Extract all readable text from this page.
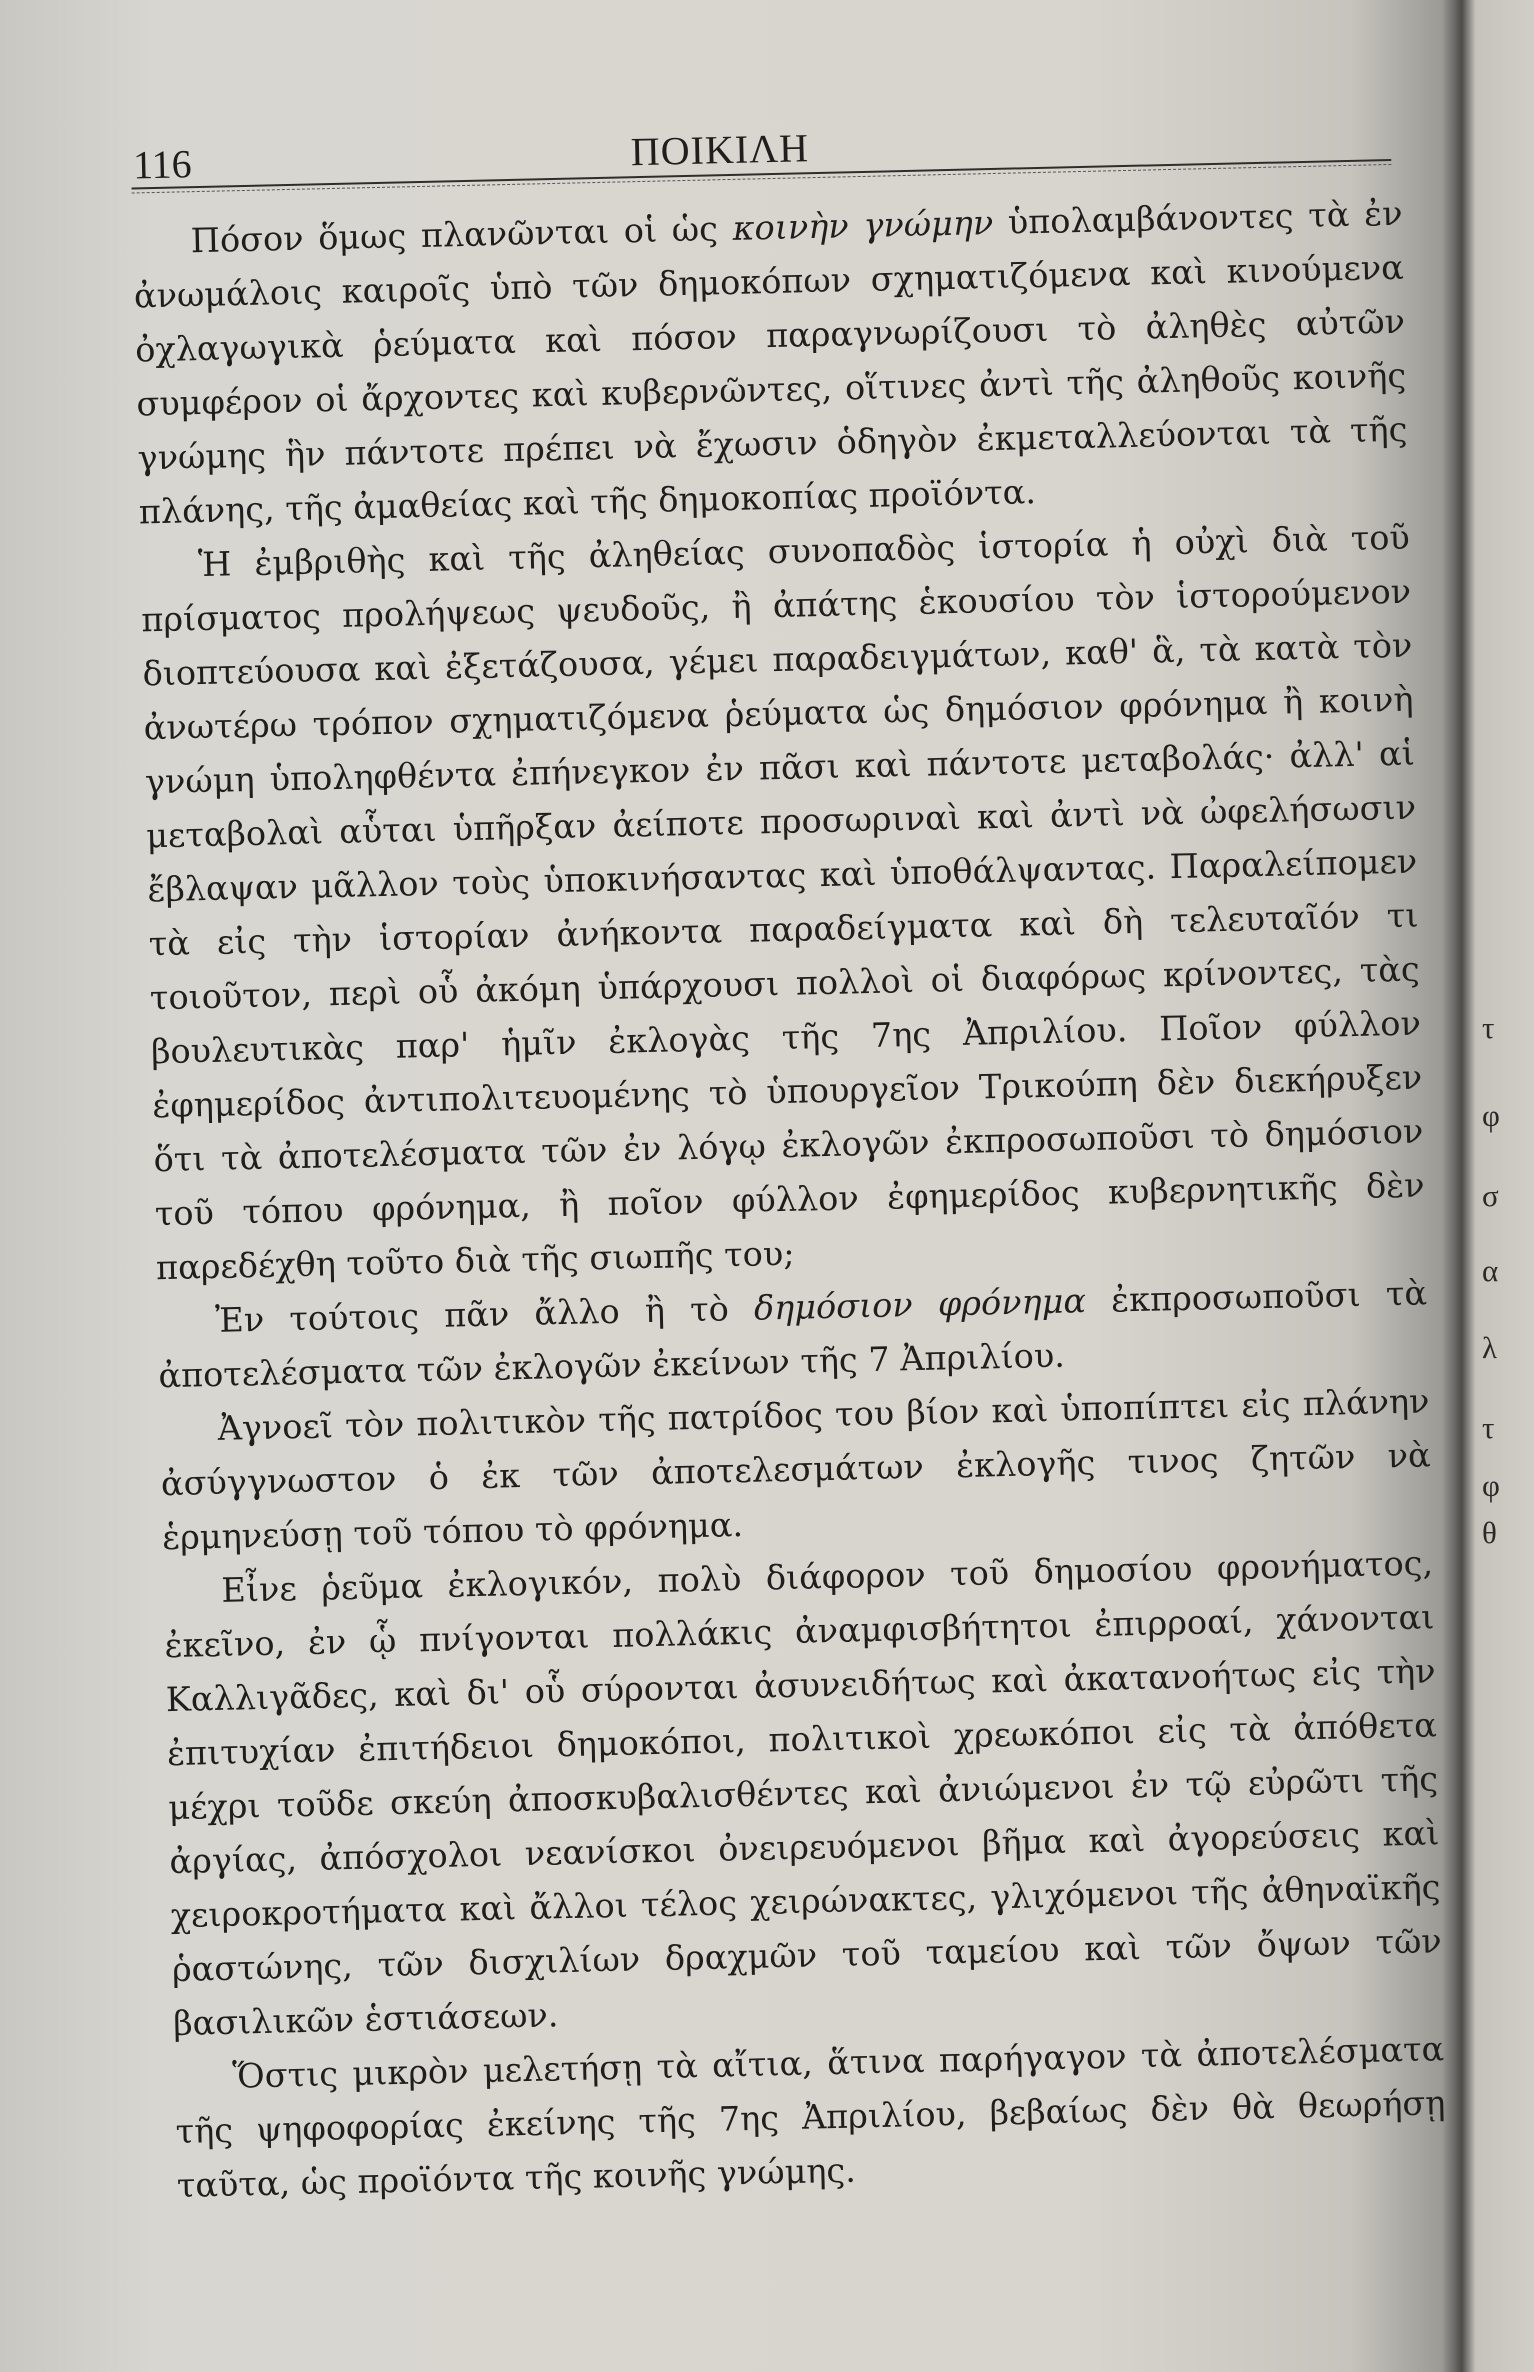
116	ΠΟΙΚΙΛΗ

Πόσον ὅμως πλανῶνται οἱ ὡς κοινὴν γνώμην ὑπολαμβάνοντες τὰ ἐν ἀνωμάλοις καιροῖς ὑπὸ τῶν δημοκόπων σχηματιζόμενα καὶ κινούμενα ὀχλαγωγικὰ ῥεύματα καὶ πόσον παραγνωρίζουσι τὸ ἀληθὲς αὐτῶν συμφέρον οἱ ἄρχοντες καὶ κυβερνῶντες, οἵτινες ἀντὶ τῆς ἀληθοῦς κοινῆς γνώμης ἣν πάντοτε πρέπει νὰ ἔχωσιν ὁδηγὸν ἐκμεταλλεύονται τὰ τῆς πλάνης, τῆς ἀμαθείας καὶ τῆς δημοκοπίας προϊόντα.

Ἡ ἐμβριθὴς καὶ τῆς ἀληθείας συνοπαδὸς ἱστορία ἡ οὐχὶ διὰ τοῦ πρίσματος προλήψεως ψευδοῦς, ἢ ἀπάτης ἑκουσίου τὸν ἱστορούμενον διοπτεύουσα καὶ ἐξετάζουσα, γέμει παραδειγμάτων, καθ' ἃ, τὰ κατὰ τὸν ἀνωτέρω τρόπον σχηματιζόμενα ῥεύματα ὡς δημόσιον φρόνημα ἢ κοινὴ γνώμη ὑποληφθέντα ἐπήνεγκον ἐν πᾶσι καὶ πάντοτε μεταβολάς· ἀλλ' αἱ μεταβολαὶ αὗται ὑπῆρξαν ἀείποτε προσωριναὶ καὶ ἀντὶ νὰ ὠφελήσωσιν ἔβλαψαν μᾶλλον τοὺς ὑποκινήσαντας καὶ ὑποθάλψαντας. Παραλείπομεν τὰ εἰς τὴν ἱστορίαν ἀνήκοντα παραδείγματα καὶ δὴ τελευταῖόν τι τοιοῦτον, περὶ οὗ ἀκόμη ὑπάρχουσι πολλοὶ οἱ διαφόρως κρίνοντες, τὰς βουλευτικὰς παρ' ἡμῖν ἐκλογὰς τῆς 7ης Ἀπριλίου. Ποῖον φύλλον ἐφημερίδος ἀντιπολιτευομένης τὸ ὑπουργεῖον Τρικούπη δὲν διεκήρυξεν ὅτι τὰ ἀποτελέσματα τῶν ἐν λόγῳ ἐκλογῶν ἐκπροσωποῦσι τὸ δημόσιον τοῦ τόπου φρόνημα, ἢ ποῖον φύλλον ἐφημερίδος κυβερνητικῆς δὲν παρεδέχθη τοῦτο διὰ τῆς σιωπῆς του;

Ἐν τούτοις πᾶν ἄλλο ἢ τὸ δημόσιον φρόνημα ἐκπροσωποῦσι τὰ ἀποτελέσματα τῶν ἐκλογῶν ἐκείνων τῆς 7 Ἀπριλίου.

Ἀγνοεῖ τὸν πολιτικὸν τῆς πατρίδος του βίον καὶ ὑποπίπτει εἰς πλάνην ἀσύγγνωστον ὁ ἐκ τῶν ἀποτελεσμάτων ἐκλογῆς τινος ζητῶν νὰ ἑρμηνεύσῃ τοῦ τόπου τὸ φρόνημα.

Εἶνε ῥεῦμα ἐκλογικόν, πολὺ διάφορον τοῦ δημοσίου φρονήματος, ἐκεῖνο, ἐν ᾧ πνίγονται πολλάκις ἀναμφισβήτητοι ἐπιρροαί, χάνονται Καλλιγᾶδες, καὶ δι' οὗ σύρονται ἀσυνειδήτως καὶ ἀκατανοήτως εἰς τὴν ἐπιτυχίαν ἐπιτήδειοι δημοκόποι, πολιτικοὶ χρεωκόποι εἰς τὰ ἀπόθετα μέχρι τοῦδε σκεύη ἀποσκυβαλισθέντες καὶ ἀνιώμενοι ἐν τῷ εὐρῶτι τῆς ἀργίας, ἀπόσχολοι νεανίσκοι ὀνειρευόμενοι βῆμα καὶ ἀγορεύσεις καὶ χειροκροτήματα καὶ ἄλλοι τέλος χειρώνακτες, γλιχόμενοι τῆς ἀθηναϊκῆς ῥαστώνης, τῶν δισχιλίων δραχμῶν τοῦ ταμείου καὶ τῶν ὄψων τῶν βασιλικῶν ἑστιάσεων.

Ὅστις μικρὸν μελετήσῃ τὰ αἴτια, ἅτινα παρήγαγον τὰ ἀποτελέσματα τῆς ψηφοφορίας ἐκείνης τῆς 7ης Ἀπριλίου, βεβαίως δὲν θὰ θεωρήσῃ ταῦτα, ὡς προϊόντα τῆς κοινῆς γνώμης.

τ
φ
σ
α
λ
τ
φ
θ
